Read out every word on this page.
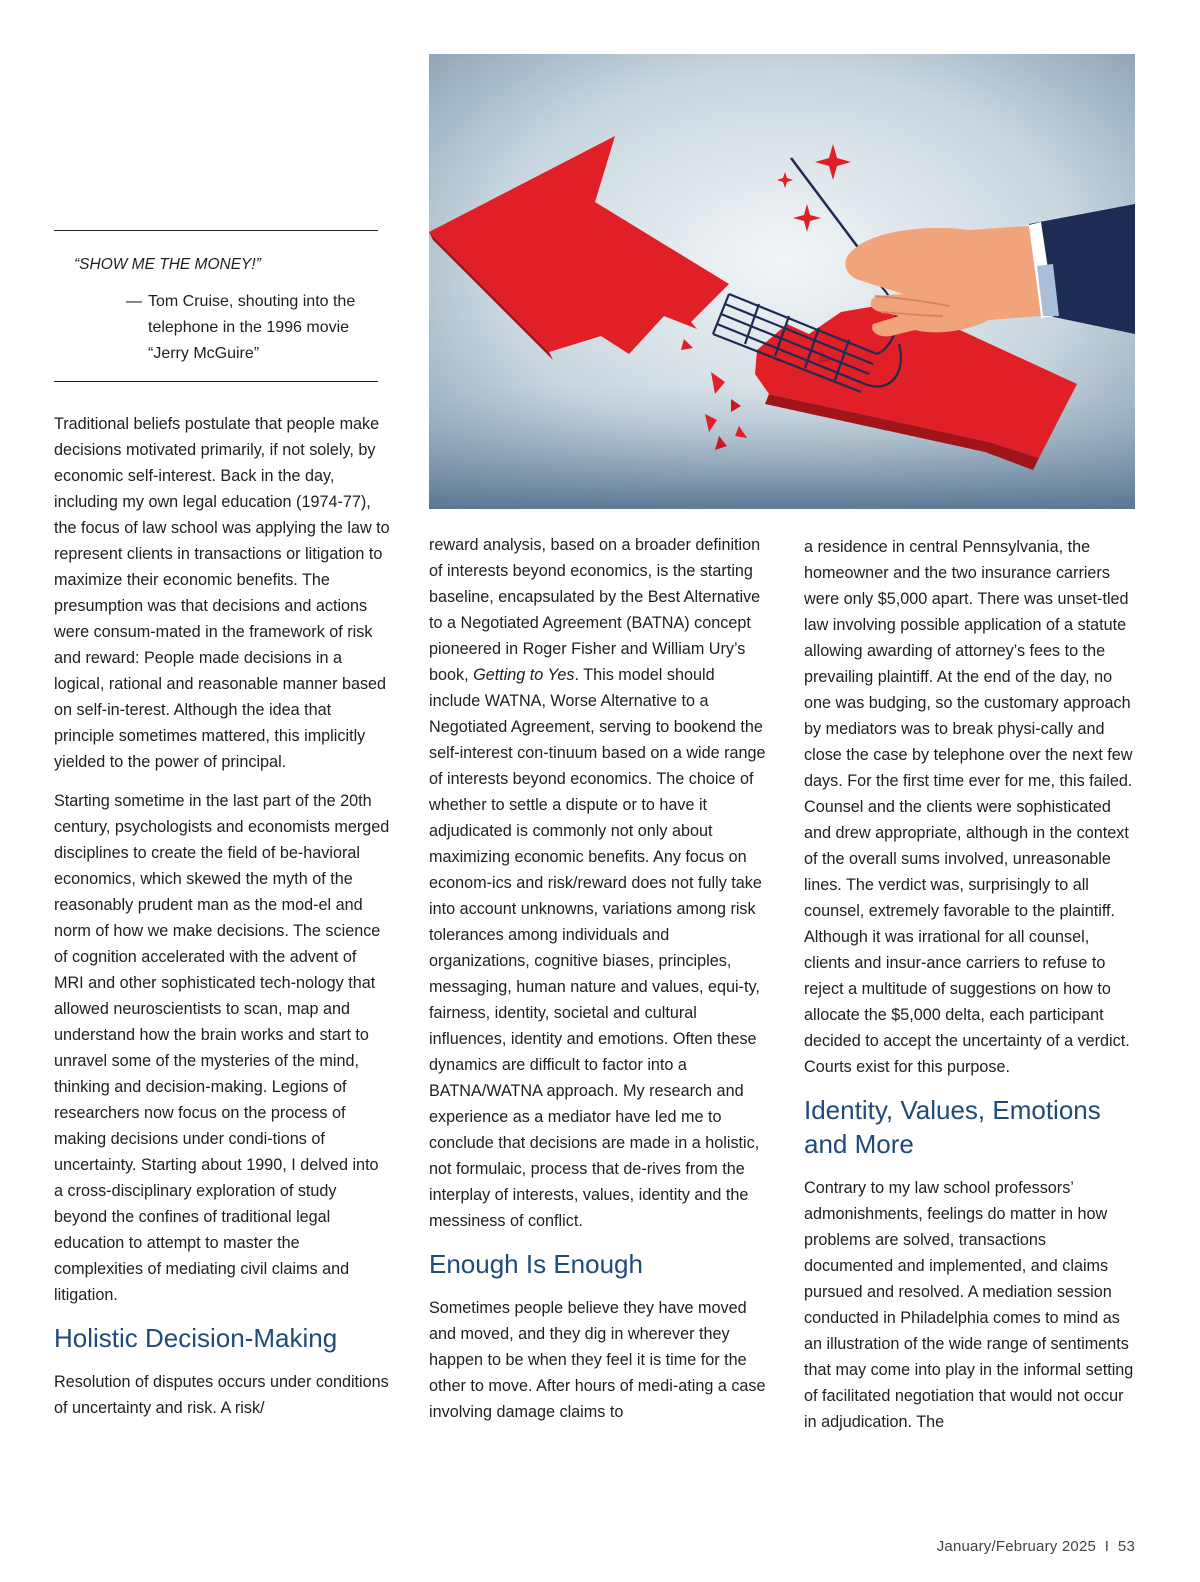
“SHOW ME THE MONEY!”
— Tom Cruise, shouting into the telephone in the 1996 movie “Jerry McGuire”

Traditional beliefs postulate that people make decisions motivated primarily, if not solely, by economic self-interest. Back in the day, including my own legal education (1974-77), the focus of law school was applying the law to represent clients in transactions or litigation to maximize their economic benefits. The presumption was that decisions and actions were consum-mated in the framework of risk and reward: People made decisions in a logical, rational and reasonable manner based on self-in-terest. Although the idea that principle sometimes mattered, this implicitly yielded to the power of principal.

Starting sometime in the last part of the 20th century, psychologists and economists merged disciplines to create the field of be-havioral economics, which skewed the myth of the reasonably prudent man as the mod-el and norm of how we make decisions. The science of cognition accelerated with the advent of MRI and other sophisticated tech-nology that allowed neuroscientists to scan, map and understand how the brain works and start to unravel some of the mysteries of the mind, thinking and decision-making. Legions of researchers now focus on the process of making decisions under condi-tions of uncertainty. Starting about 1990, I delved into a cross-disciplinary exploration of study beyond the confines of traditional legal education to attempt to master the complexities of mediating civil claims and litigation.

Holistic Decision-Making

Resolution of disputes occurs under conditions of uncertainty and risk. A risk/

reward analysis, based on a broader definition of interests beyond economics, is the starting baseline, encapsulated by the Best Alternative to a Negotiated Agreement (BATNA) concept pioneered in Roger Fisher and William Ury’s book, Getting to Yes. This model should include WATNA, Worse Alternative to a Negotiated Agreement, serving to bookend the self-interest con-tinuum based on a wide range of interests beyond economics. The choice of whether to settle a dispute or to have it adjudicated is commonly not only about maximizing economic benefits. Any focus on econom-ics and risk/reward does not fully take into account unknowns, variations among risk tolerances among individuals and organizations, cognitive biases, principles, messaging, human nature and values, equi-ty, fairness, identity, societal and cultural influences, identity and emotions. Often these dynamics are difficult to factor into a BATNA/WATNA approach. My research and experience as a mediator have led me to conclude that decisions are made in a holistic, not formulaic, process that de-rives from the interplay of interests, values, identity and the messiness of conflict.

Enough Is Enough

Sometimes people believe they have moved and moved, and they dig in wherever they happen to be when they feel it is time for the other to move. After hours of medi-ating a case involving damage claims to

a residence in central Pennsylvania, the homeowner and the two insurance carriers were only $5,000 apart. There was unset-tled law involving possible application of a statute allowing awarding of attorney’s fees to the prevailing plaintiff. At the end of the day, no one was budging, so the customary approach by mediators was to break physi-cally and close the case by telephone over the next few days. For the first time ever for me, this failed. Counsel and the clients were sophisticated and drew appropriate, although in the context of the overall sums involved, unreasonable lines. The verdict was, surprisingly to all counsel, extremely favorable to the plaintiff. Although it was irrational for all counsel, clients and insur-ance carriers to refuse to reject a multitude of suggestions on how to allocate the $5,000 delta, each participant decided to accept the uncertainty of a verdict. Courts exist for this purpose.

Identity, Values, Emotions and More

Contrary to my law school professors’ admonishments, feelings do matter in how problems are solved, transactions documented and implemented, and claims pursued and resolved. A mediation session conducted in Philadelphia comes to mind as an illustration of the wide range of sentiments that may come into play in the informal setting of facilitated negotiation that would not occur in adjudication. The

January/February 2025 I 53
